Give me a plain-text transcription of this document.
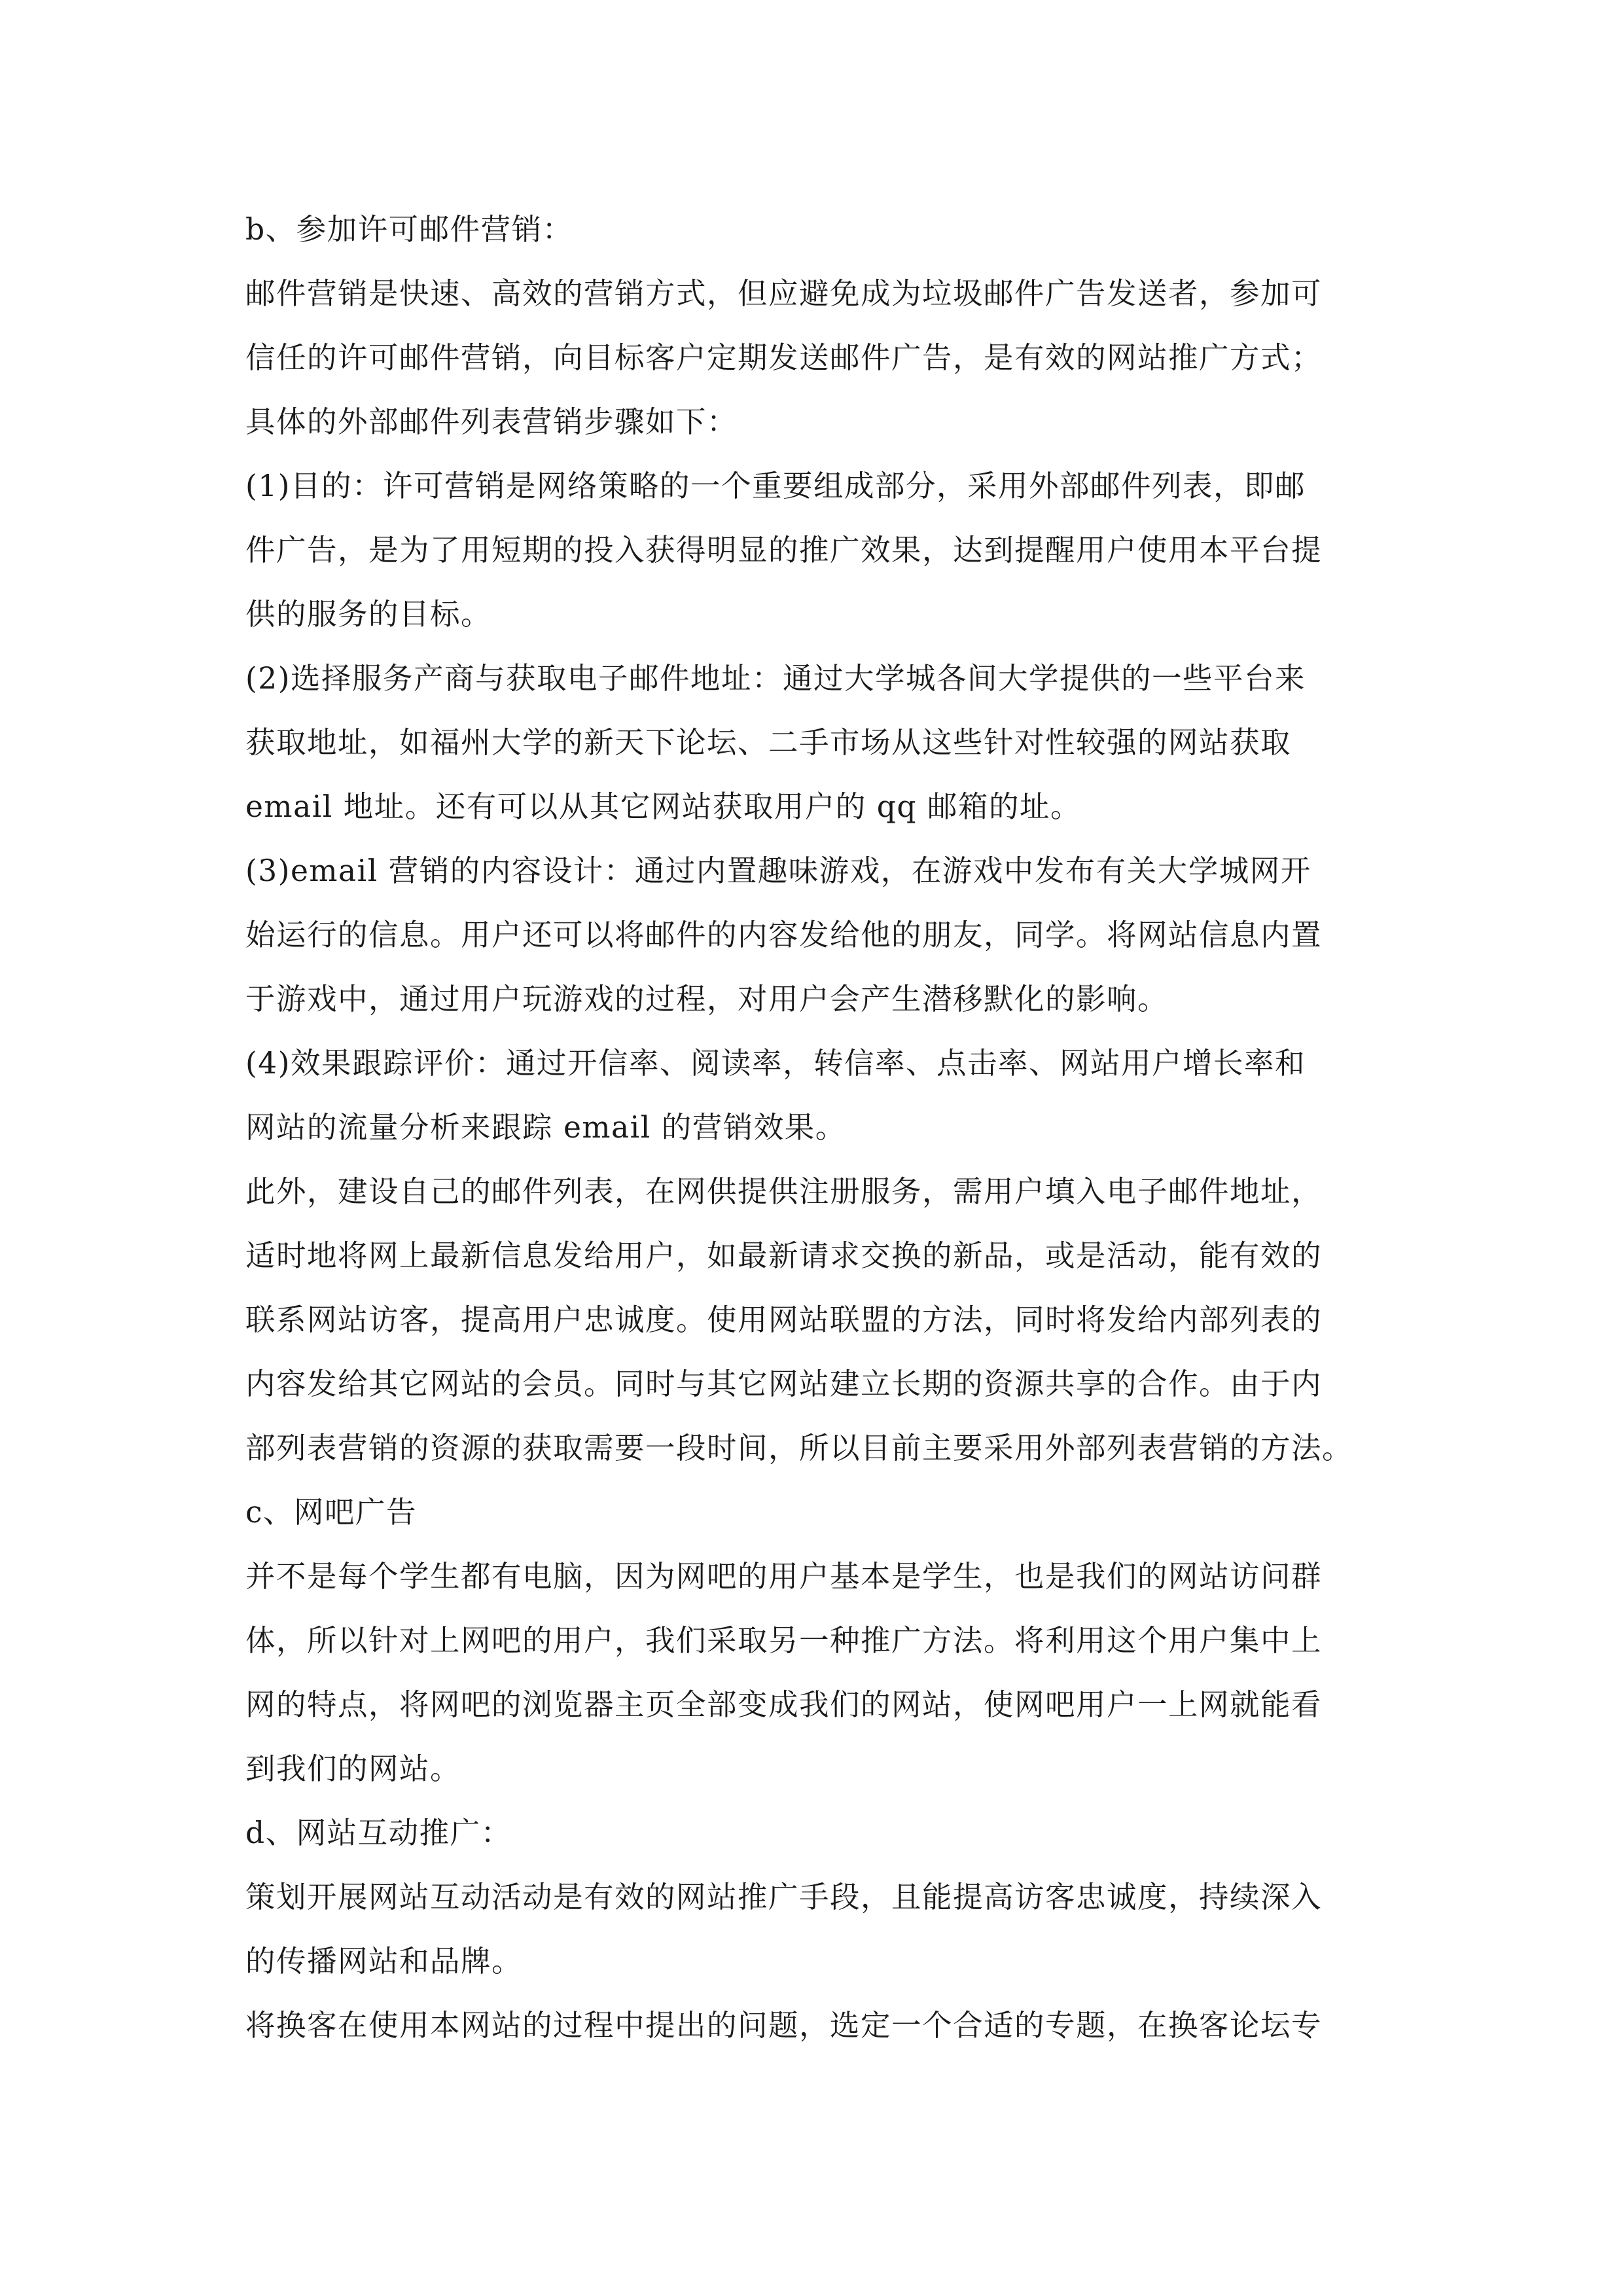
b、参加许可邮件营销：
邮件营销是快速、高效的营销方式，但应避免成为垃圾邮件广告发送者，参加可
信任的许可邮件营销，向目标客户定期发送邮件广告，是有效的网站推广方式；
具体的外部邮件列表营销步骤如下：
(1)目的：许可营销是网络策略的一个重要组成部分，采用外部邮件列表，即邮
件广告，是为了用短期的投入获得明显的推广效果，达到提醒用户使用本平台提
供的服务的目标。
(2)选择服务产商与获取电子邮件地址：通过大学城各间大学提供的一些平台来
获取地址，如福州大学的新天下论坛、二手市场从这些针对性较强的网站获取
email 地址。还有可以从其它网站获取用户的 qq 邮箱的址。
(3)email 营销的内容设计：通过内置趣味游戏，在游戏中发布有关大学城网开
始运行的信息。用户还可以将邮件的内容发给他的朋友，同学。将网站信息内置
于游戏中，通过用户玩游戏的过程，对用户会产生潜移默化的影响。
(4)效果跟踪评价：通过开信率、阅读率，转信率、点击率、网站用户增长率和
网站的流量分析来跟踪 email 的营销效果。
此外，建设自己的邮件列表，在网供提供注册服务，需用户填入电子邮件地址，
适时地将网上最新信息发给用户，如最新请求交换的新品，或是活动，能有效的
联系网站访客，提高用户忠诚度。使用网站联盟的方法，同时将发给内部列表的
内容发给其它网站的会员。同时与其它网站建立长期的资源共享的合作。由于内
部列表营销的资源的获取需要一段时间，所以目前主要采用外部列表营销的方法。
c、网吧广告
并不是每个学生都有电脑，因为网吧的用户基本是学生，也是我们的网站访问群
体，所以针对上网吧的用户，我们采取另一种推广方法。将利用这个用户集中上
网的特点，将网吧的浏览器主页全部变成我们的网站，使网吧用户一上网就能看
到我们的网站。
d、网站互动推广：
策划开展网站互动活动是有效的网站推广手段，且能提高访客忠诚度，持续深入
的传播网站和品牌。
将换客在使用本网站的过程中提出的问题，选定一个合适的专题，在换客论坛专
